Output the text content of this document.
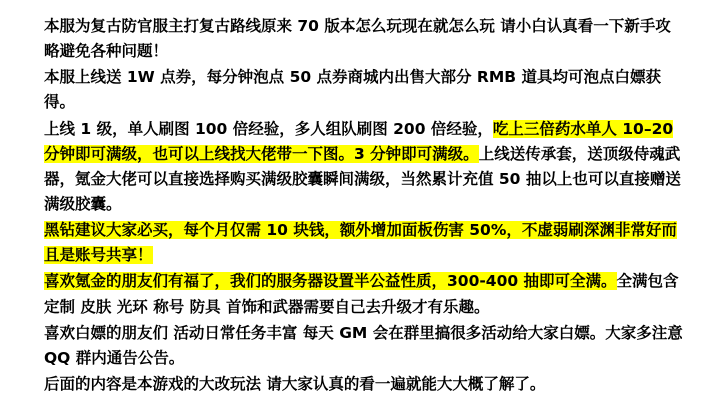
本服为复古防官服主打复古路线原来 70 版本怎么玩现在就怎么玩 请小白认真看一下新手攻略避免各种问题！
本服上线送 1W 点券，每分钟泡点 50 点券商城内出售大部分 RMB 道具均可泡点白嫖获得。
上线 1 级，单人刷图 100 倍经验，多人组队刷图 200 倍经验，吃上三倍药水单人 10–20 分钟即可满级，也可以上线找大佬带一下图。3 分钟即可满级。上线送传承套，送顶级侍魂武器，氪金大佬可以直接选择购买满级胶囊瞬间满级，当然累计充值 50 抽以上也可以直接赠送满级胶囊。
黑钻建议大家必买，每个月仅需 10 块钱，额外增加面板伤害 50%，不虚弱刷深渊非常好而且是账号共享！
喜欢氪金的朋友们有福了，我们的服务器设置半公益性质，300-400 抽即可全满。全满包含定制 皮肤 光环 称号 防具 首饰和武器需要自己去升级才有乐趣。
喜欢白嫖的朋友们 活动日常任务丰富 每天 GM 会在群里搞很多活动给大家白嫖。大家多注意 QQ 群内通告公告。
后面的内容是本游戏的大改玩法 请大家认真的看一遍就能大大概了解了。
